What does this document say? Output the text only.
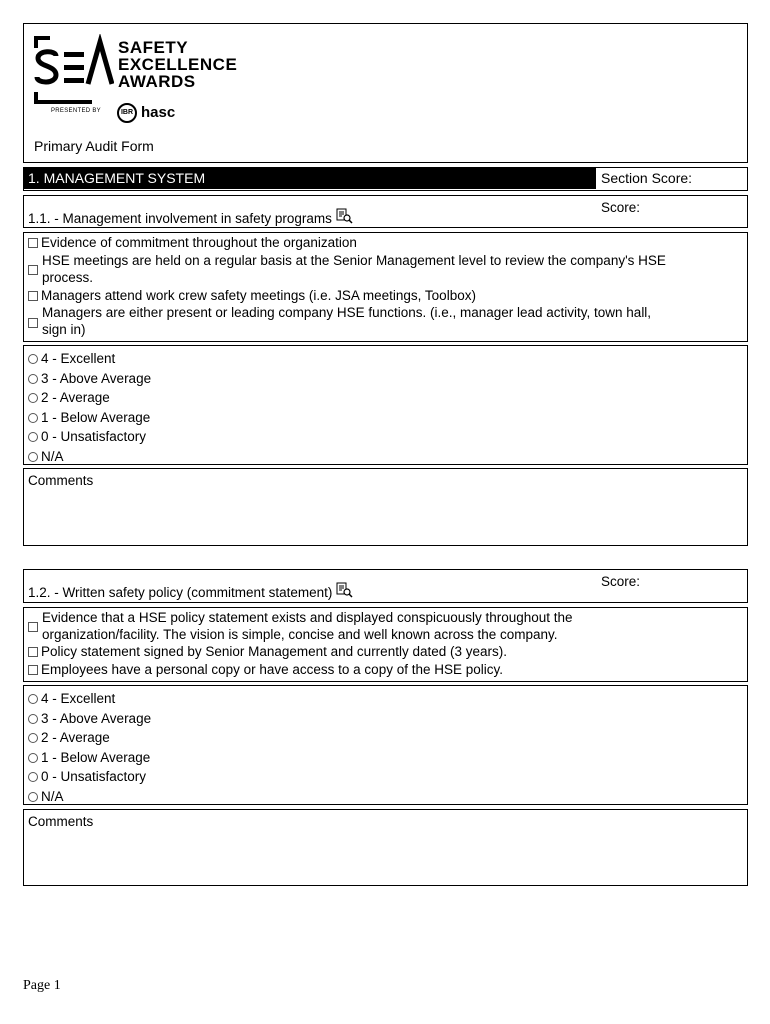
SAFETY
EXCELLENCE
AWARDS
PRESENTED BY	IBR hasc
Primary Audit Form
1. MANAGEMENT SYSTEM	Section Score:
1.1. - Management involvement in safety programs
Score:
Evidence of commitment throughout the organization
HSE meetings are held on a regular basis at the Senior Management level to review the company's HSE
process.
Managers attend work crew safety meetings (i.e. JSA meetings, Toolbox)
Managers are either present or leading company HSE functions. (i.e., manager lead activity, town hall,
sign in)
4 - Excellent
3 - Above Average
2 - Average
1 - Below Average
0 - Unsatisfactory
N/A
Comments
1.2. - Written safety policy (commitment statement)
Score:
Evidence that a HSE policy statement exists and displayed conspicuously throughout the
organization/facility. The vision is simple, concise and well known across the company.
Policy statement signed by Senior Management and currently dated (3 years).
Employees have a personal copy or have access to a copy of the HSE policy.
4 - Excellent
3 - Above Average
2 - Average
1 - Below Average
0 - Unsatisfactory
N/A
Comments
Page 1
